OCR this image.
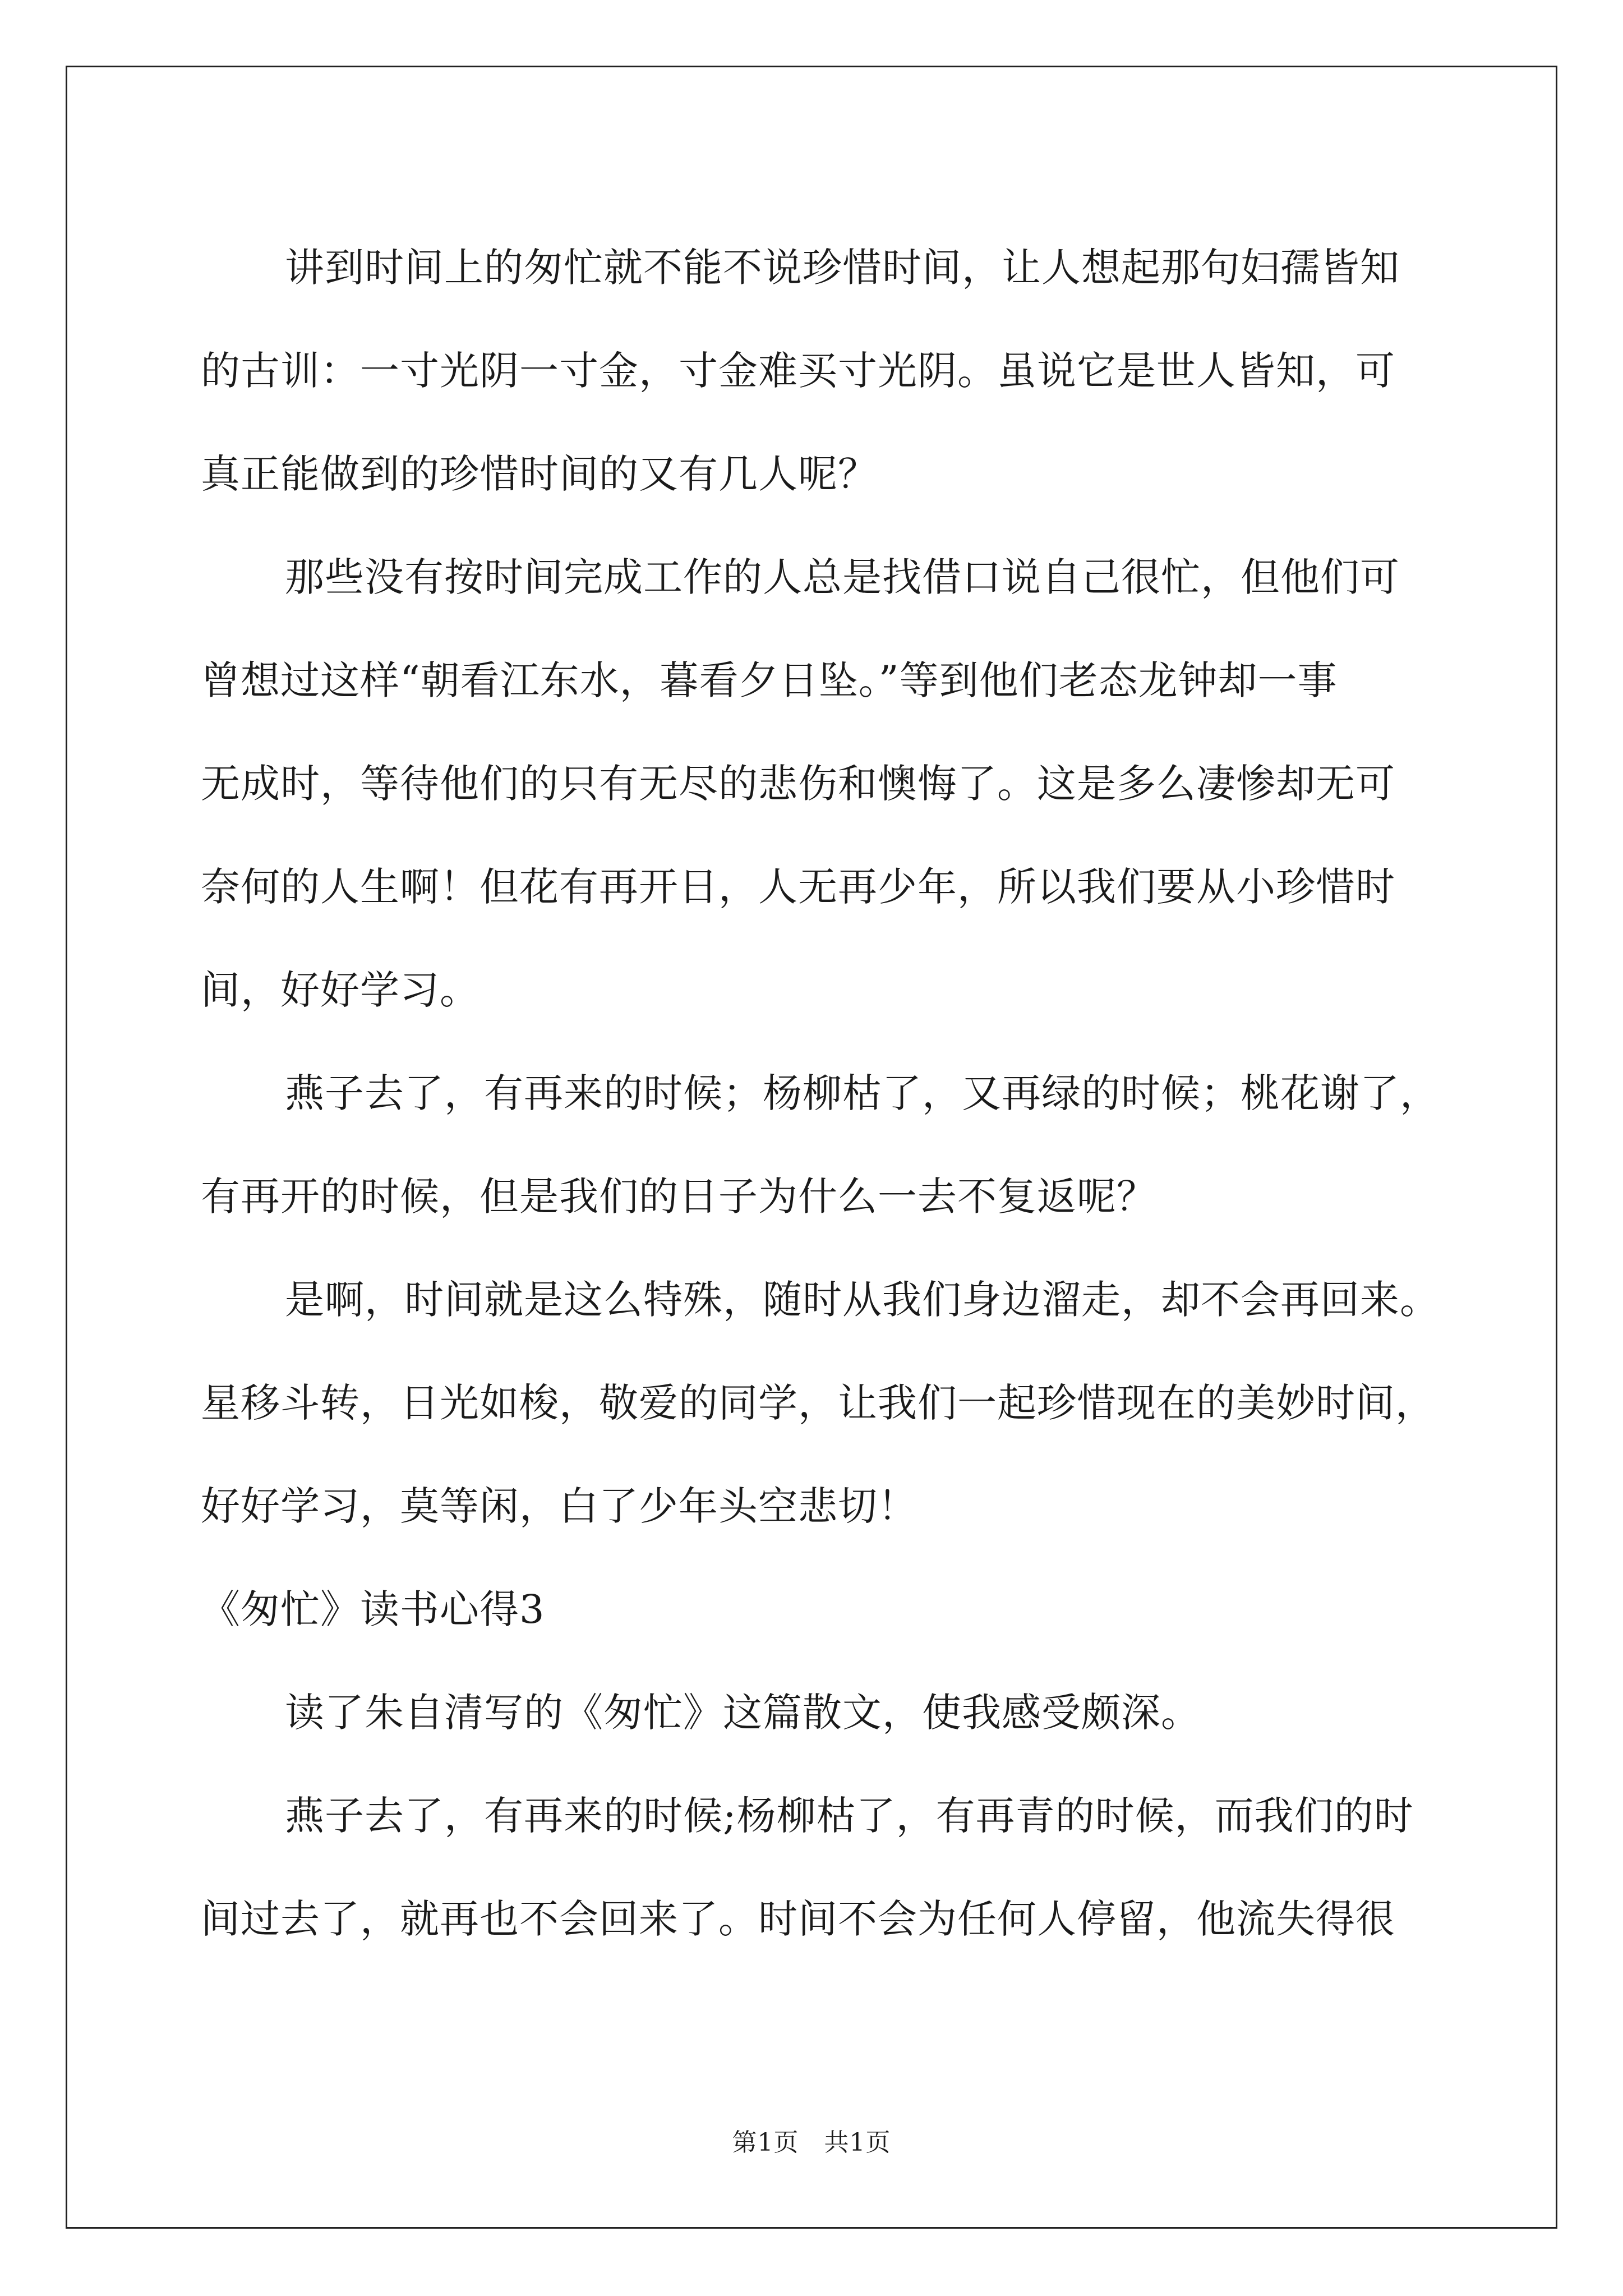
讲到时间上的匆忙就不能不说珍惜时间，让人想起那句妇孺皆知
的古训：一寸光阴一寸金，寸金难买寸光阴。虽说它是世人皆知，可
真正能做到的珍惜时间的又有几人呢？
那些没有按时间完成工作的人总是找借口说自己很忙，但他们可
曾想过这样“朝看江东水，暮看夕日坠。”等到他们老态龙钟却一事
无成时，等待他们的只有无尽的悲伤和懊悔了。这是多么凄惨却无可
奈何的人生啊！但花有再开日，人无再少年，所以我们要从小珍惜时
间，好好学习。
燕子去了，有再来的时候；杨柳枯了，又再绿的时候；桃花谢了，
有再开的时候，但是我们的日子为什么一去不复返呢？
是啊，时间就是这么特殊，随时从我们身边溜走，却不会再回来。
星移斗转，日光如梭，敬爱的同学，让我们一起珍惜现在的美妙时间，
好好学习，莫等闲，白了少年头空悲切！
《匆忙》读书心得3
读了朱自清写的《匆忙》这篇散文，使我感受颇深。
燕子去了，有再来的时候;杨柳枯了，有再青的时候，而我们的时
间过去了，就再也不会回来了。时间不会为任何人停留，他流失得很
第1页　共1页
